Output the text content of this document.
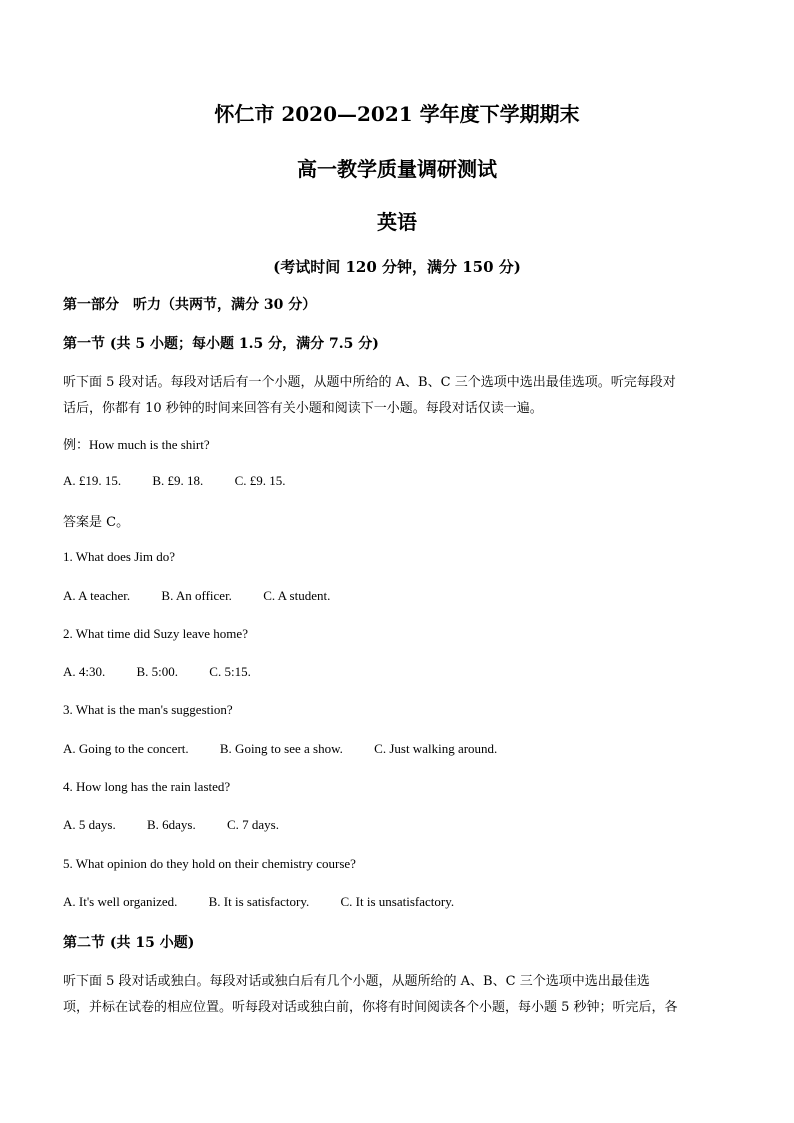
怀仁市 2020—2021 学年度下学期期末
高一教学质量调研测试
英语
(考试时间 120 分钟，满分 150 分)
第一部分　听力（共两节，满分 30 分）
第一节 (共 5 小题；每小题 1.5 分，满分 7.5 分)
听下面 5 段对话。每段对话后有一个小题，从题中所给的 A、B、C 三个选项中选出最佳选项。听完每段对
话后，你都有 10 秒钟的时间来回答有关小题和阅读下一小题。每段对话仅读一遍。
例：How much is the shirt?
A. £19. 15. B. £9. 18. C. £9. 15.
答案是 C。
1. What does Jim do?
A. A teacher. B. An officer. C. A student.
2. What time did Suzy leave home?
A. 4:30. B. 5:00. C. 5:15.
3. What is the man's suggestion?
A. Going to the concert. B. Going to see a show. C. Just walking around.
4. How long has the rain lasted?
A. 5 days. B. 6days. C. 7 days.
5. What opinion do they hold on their chemistry course?
A. It's well organized. B. It is satisfactory. C. It is unsatisfactory.
第二节 (共 15 小题)
听下面 5 段对话或独白。每段对话或独白后有几个小题，从题所给的 A、B、C 三个选项中选出最佳选
项，并标在试卷的相应位置。听每段对话或独白前，你将有时间阅读各个小题，每小题 5 秒钟；听完后，各
